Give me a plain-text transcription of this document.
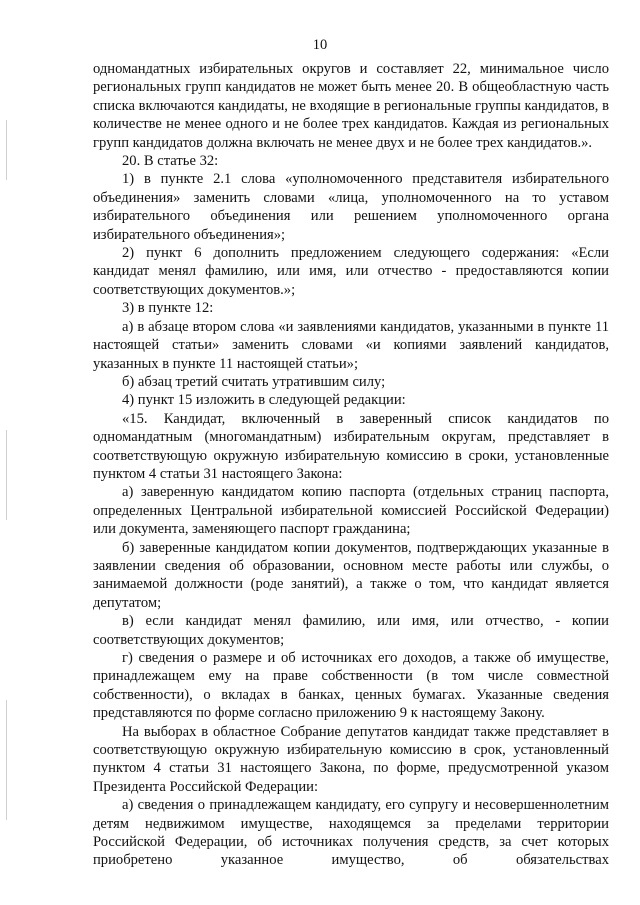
10

одномандатных избирательных округов и составляет 22, минимальное число региональных групп кандидатов не может быть менее 20. В общеобластную часть списка включаются кандидаты, не входящие в региональные группы кандидатов, в количестве не менее одного и не более трех кандидатов. Каждая из региональных групп кандидатов должна включать не менее двух и не более трех кандидатов.».

20. В статье 32:

1) в пункте 2.1 слова «уполномоченного представителя избирательного объединения» заменить словами «лица, уполномоченного на то уставом избирательного объединения или решением уполномоченного органа избирательного объединения»;

2) пункт 6 дополнить предложением следующего содержания: «Если кандидат менял фамилию, или имя, или отчество - предоставляются копии соответствующих документов.»;

3) в пункте 12:

а) в абзаце втором слова «и заявлениями кандидатов, указанными в пункте 11 настоящей статьи» заменить словами «и копиями заявлений кандидатов, указанных в пункте 11 настоящей статьи»;

б) абзац третий считать утратившим силу;

4) пункт 15 изложить в следующей редакции:

«15. Кандидат, включенный в заверенный список кандидатов по одномандатным (многомандатным) избирательным округам, представляет в соответствующую окружную избирательную комиссию в сроки, установленные пунктом 4 статьи 31 настоящего Закона:

а) заверенную кандидатом копию паспорта (отдельных страниц паспорта, определенных Центральной избирательной комиссией Российской Федерации) или документа, заменяющего паспорт гражданина;

б) заверенные кандидатом копии документов, подтверждающих указанные в заявлении сведения об образовании, основном месте работы или службы, о занимаемой должности (роде занятий), а также о том, что кандидат является депутатом;

в) если кандидат менял фамилию, или имя, или отчество, - копии соответствующих документов;

г) сведения о размере и об источниках его доходов, а также об имуществе, принадлежащем ему на праве собственности (в том числе совместной собственности), о вкладах в банках, ценных бумагах. Указанные сведения представляются по форме согласно приложению 9 к настоящему Закону.

На выборах в областное Собрание депутатов кандидат также представляет в соответствующую окружную избирательную комиссию в срок, установленный пунктом 4 статьи 31 настоящего Закона, по форме, предусмотренной указом Президента Российской Федерации:

а) сведения о принадлежащем кандидату, его супругу и несовершеннолетним детям недвижимом имуществе, находящемся за пределами территории Российской Федерации, об источниках получения средств, за счет которых приобретено указанное имущество, об обязательствах
